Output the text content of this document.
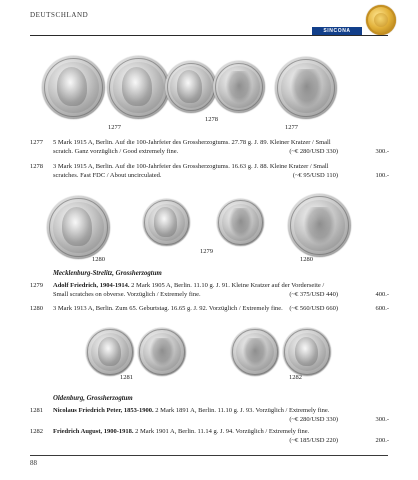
DEUTSCHLAND
SINCONA
1277
1278
1277
1277 5 Mark 1915 A, Berlin. Auf die 100-Jahrfeier des Grossherzogtums. 27.78 g. J. 89. Kleiner Kratzer / Small
scratch. Ganz vorzüglich / Good extremely fine.	(~€ 280/USD 330)	300.-
1278 3 Mark 1915 A, Berlin. Auf die 100-Jahrfeier des Grossherzogtums. 16.63 g. J. 88. Kleine Kratzer / Small
scratches. Fast FDC / About uncirculated.	(~€ 95/USD 110)	100.-
1280
1279
1280
Mecklenburg-Strelitz, Grossherzogtum
1279 Adolf Friedrich, 1904-1914. 2 Mark 1905 A, Berlin. 11.10 g. J. 91. Kleine Kratzer auf der Vorderseite /
Small scratches on obverse. Vorzüglich / Extremely fine.	(~€ 375/USD 440)	400.-
1280 3 Mark 1913 A, Berlin. Zum 65. Geburtstag. 16.65 g. J. 92. Vorzüglich / Extremely fine.	(~€ 560/USD 660)	600.-
1281	1282
Oldenburg, Grossherzogtum
1281 Nicolaus Friedrich Peter, 1853-1900. 2 Mark 1891 A, Berlin. 11.10 g. J. 93. Vorzüglich / Extremely fine.
(~€ 280/USD 330)	300.-
1282 Friedrich August, 1900-1918. 2 Mark 1901 A, Berlin. 11.14 g. J. 94. Vorzüglich / Extremely fine.
(~€ 185/USD 220)	200.-
88
